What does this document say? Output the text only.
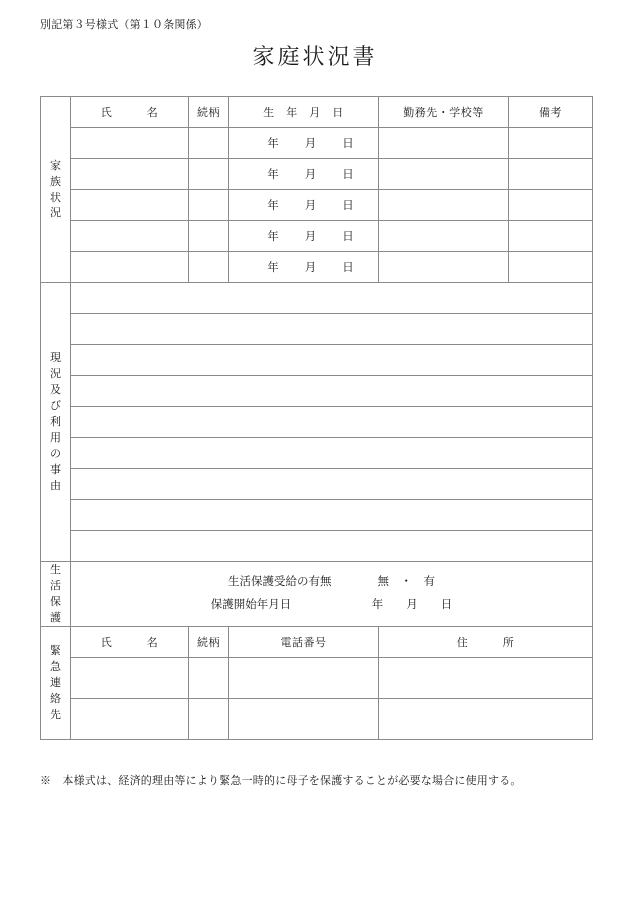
別記第３号様式（第１０条関係）
家庭状況書
家
族
状
況	氏　　　名	続柄	生　年　月　日	勤務先・学校等	備考

			年 月 日		

			年 月 日		

			年 月 日		

			年 月 日		

			年 月 日		

現
況
及
び
利
用
の
事
由

生
活
保
護	生活保護受給の有無　　　　無　・　有
保護開始年月日　　　　　　　年　　月　　日				

緊
急
連
絡
先	氏　　　名	続柄	電話番号	住　　　所	

※　本様式は、経済的理由等により緊急一時的に母子を保護することが必要な場合に使用する。
